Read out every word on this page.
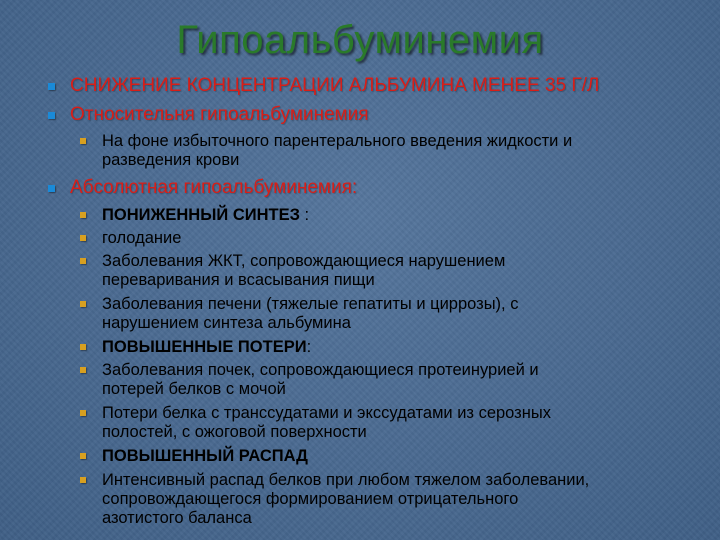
Гипоальбуминемия
СНИЖЕНИЕ КОНЦЕНТРАЦИИ АЛЬБУМИНА МЕНЕЕ 35 Г/Л
Относительня гипоальбуминемия
На фоне избыточного парентерального введения жидкости и
разведения крови
Абсолютная гипоальбуминемия:
ПОНИЖЕННЫЙ СИНТЕЗ :
голодание
Заболевания ЖКТ, сопровождающиеся нарушением
переваривания и всасывания пищи
Заболевания печени (тяжелые гепатиты и циррозы), с
нарушением синтеза альбумина
ПОВЫШЕННЫЕ ПОТЕРИ:
Заболевания почек, сопровождающиеся протеинурией и
потерей белков с мочой
Потери белка с транссудатами и экссудатами из серозных
полостей, с ожоговой поверхности
ПОВЫШЕННЫЙ РАСПАД
Интенсивный распад белков при любом тяжелом заболевании,
сопровождающегося формированием отрицательного
азотистого баланса
